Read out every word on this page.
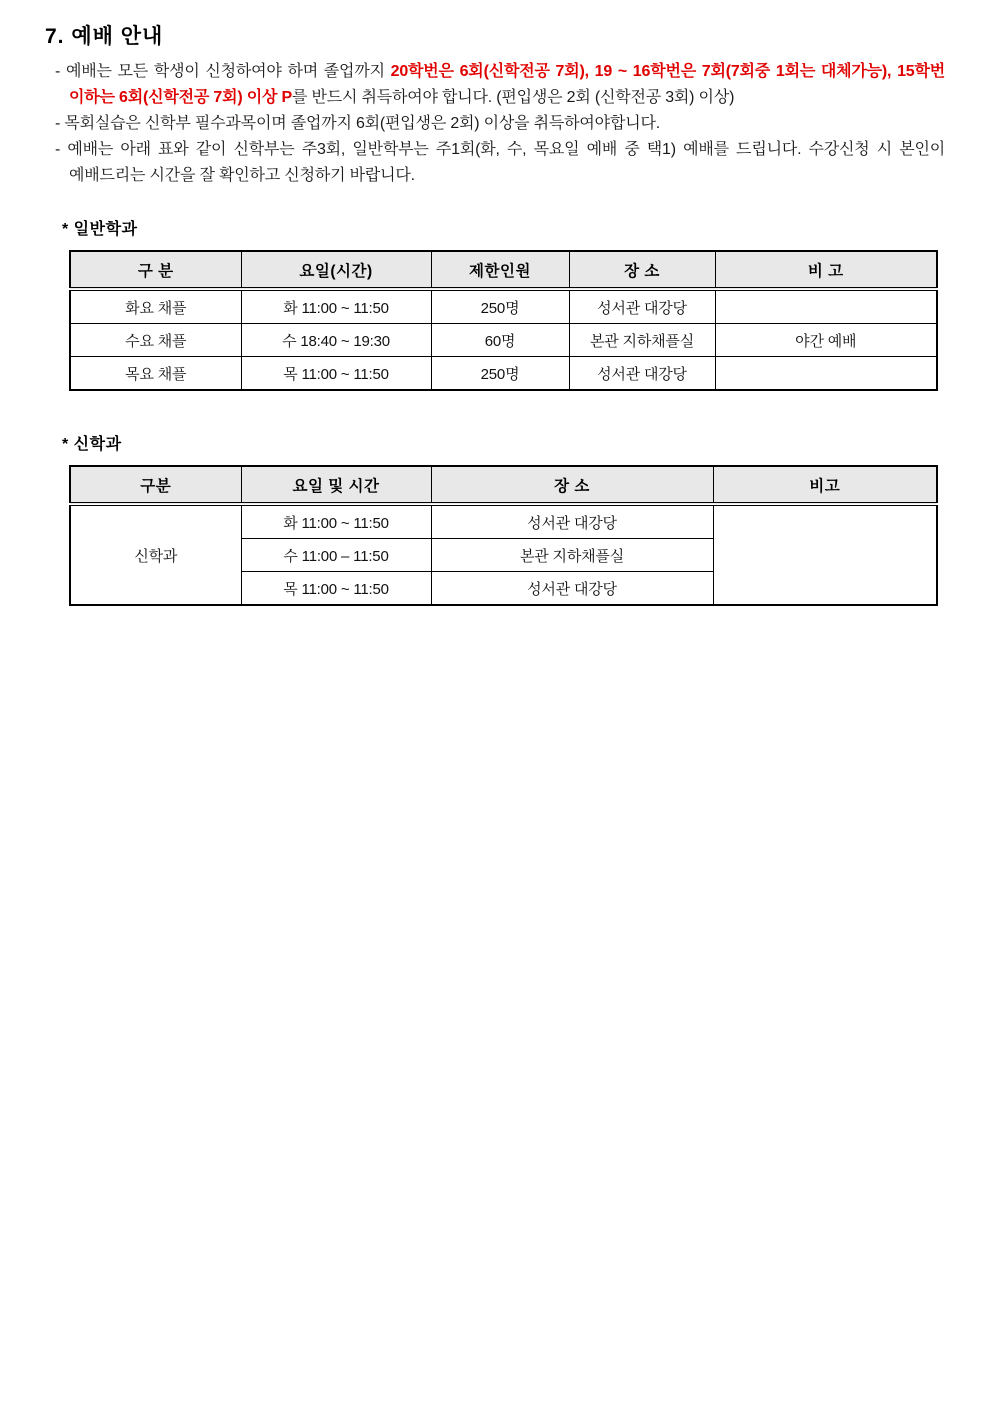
7. 예배 안내

- 예배는 모든 학생이 신청하여야 하며 졸업까지 20학번은 6회(신학전공 7회), 19 ~ 16학번은 7회(7회중 1회는 대체가능), 15학번 이하는 6회(신학전공 7회) 이상 P를 반드시 취득하여야 합니다. (편입생은 2회 (신학전공 3회) 이상)

- 목회실습은 신학부 필수과목이며 졸업까지 6회(편입생은 2회) 이상을 취득하여야합니다.

- 예배는 아래 표와 같이 신학부는 주3회, 일반학부는 주1회(화, 수, 목요일 예배 중 택1) 예배를 드립니다. 수강신청 시 본인이 예배드리는 시간을 잘 확인하고 신청하기 바랍니다.

* 일반학과
구 분	요일(시간)	제한인원	장 소	비 고
화요 채플	화 11:00 ~ 11:50	250명	성서관 대강당	
수요 채플	수 18:40 ~ 19:30	60명	본관 지하채플실	야간 예배
목요 채플	목 11:00 ~ 11:50	250명	성서관 대강당	
* 신학과
구분	요일 및 시간	장 소	비고
신학과	화 11:00 ~ 11:50	성서관 대강당	
	수 11:00 – 11:50	본관 지하채플실	
	목 11:00 ~ 11:50	성서관 대강당	
